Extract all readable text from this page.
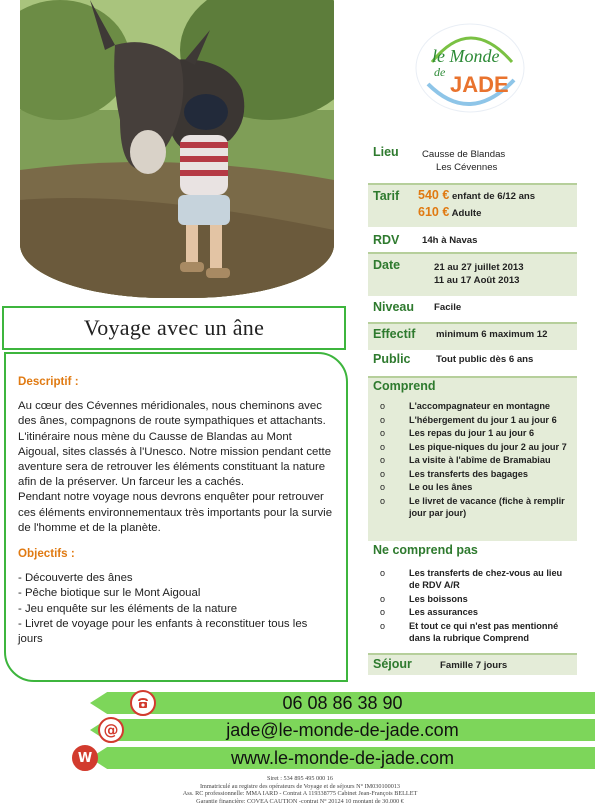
le Monde
de JADE
Voyage avec un âne
Descriptif :

Au cœur des Cévennes méridionales, nous cheminons avec des ânes, compagnons de route sympathiques et attachants.

L'itinéraire nous mène du Causse de Blandas au Mont Aigoual, sites classés à l'Unesco. Notre mission pendant cette aventure sera de retrouver les éléments constituant la nature afin de la préserver. Un farceur les a cachés.

Pendant notre voyage nous devrons enquêter pour retrouver ces éléments environnementaux très importants pour la survie de l'homme et de la planète.

Objectifs :
- Découverte des ânes
- Pêche biotique sur le Mont Aigoual
- Jeu enquête sur les éléments de la nature
- Livret de voyage pour les enfants à reconstituer tous les jours
Lieu Causse de Blandas
Les Cévennes
Tarif 540 € enfant de 6/12 ans
610 € Adulte
RDV 14h à Navas
Date	21 au 27 juillet 2013
11 au 17 Août 2013
Niveau Facile
Effectif minimum 6 maximum 12
Public	Tout public dès 6 ans
Comprend
o L'accompagnateur en montagne
o L'hébergement du jour 1 au jour 6
o Les repas du jour 1 au jour 6
o Les pique-niques du jour 2 au jour 7
o La visite à l'abîme de Bramabiau
o Les transferts des bagages
o Le ou les ânes
o Le livret de vacance (fiche à remplir jour par jour)
Ne comprend pas
o Les transferts de chez-vous au lieu de RDV A/R
o Les boissons
o Les assurances
o Et tout ce qui n'est pas mentionné dans la rubrique Comprend
Séjour	Famille 7 jours
06 08 86 38 90
jade@le-monde-de-jade.com
@
www.le-monde-de-jade.com
W
Siret : 534 895 495 000 16
Immatriculé au registre des opérateurs de Voyage et de séjours N° IM030100013
Ass. RC professionnelle: MMA IARD - Contrat A 119338775 Cabinet Jean-François BELLET
Garantie financière: COVEA CAUTION -contrat N° 20124 10 montant de 30.000 €
